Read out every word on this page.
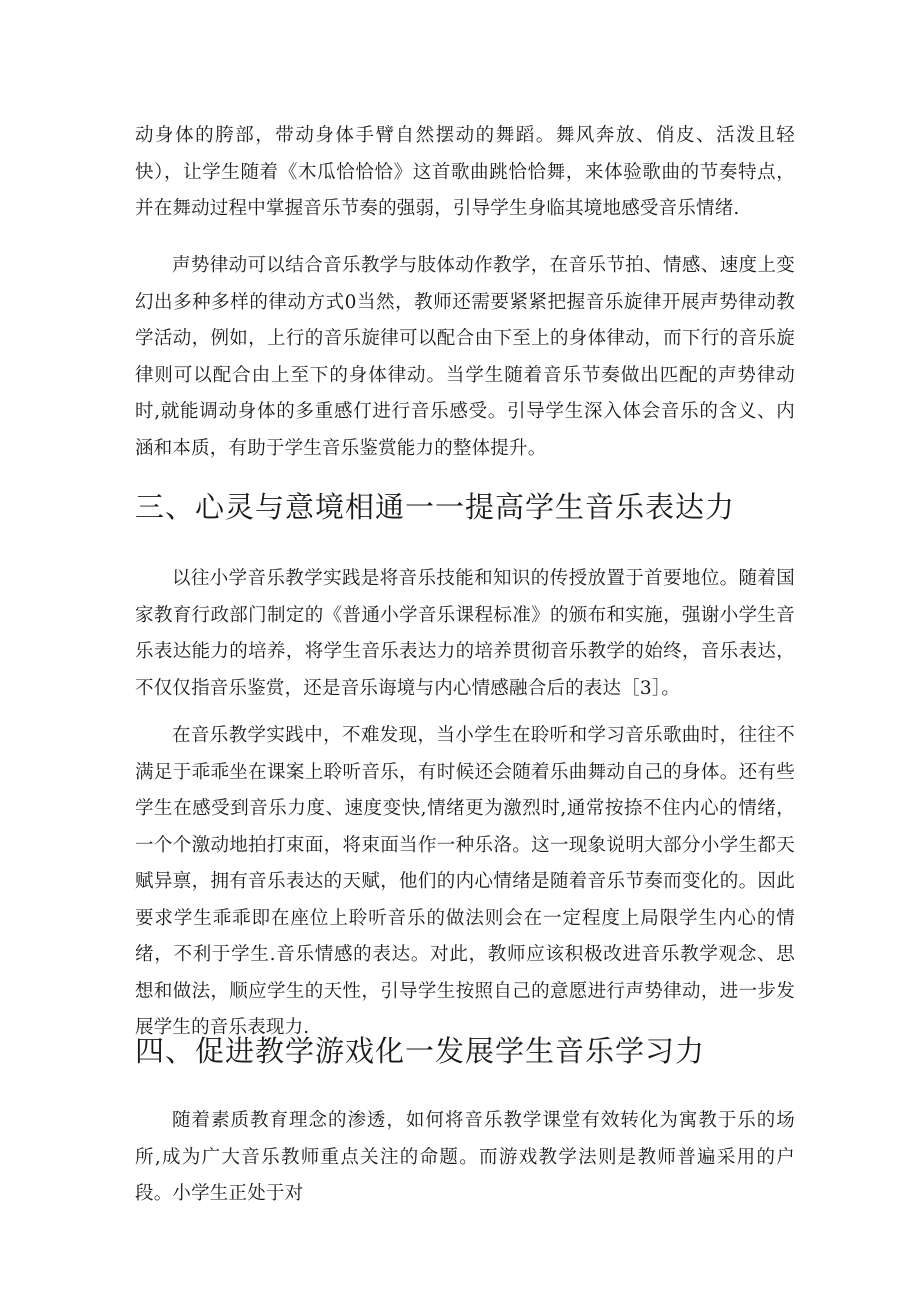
动身体的胯部，带动身体手臂自然摆动的舞蹈。舞风奔放、俏皮、活泼且轻快），让学生随着《木瓜恰恰恰》这首歌曲跳恰恰舞，来体验歌曲的节奏特点，并在舞动过程中掌握音乐节奏的强弱，引导学生身临其境地感受音乐情绪.

声势律动可以结合音乐教学与肢体动作教学，在音乐节拍、情感、速度上变幻出多种多样的律动方式0当然，教师还需要紧紧把握音乐旋律开展声势律动教学活动，例如，上行的音乐旋律可以配合由下至上的身体律动，而下行的音乐旋律则可以配合由上至下的身体律动。当学生随着音乐节奏做出匹配的声势律动时,就能调动身体的多重感仃进行音乐感受。引导学生深入体会音乐的含义、内涵和本质，有助于学生音乐鉴赏能力的整体提升。

三、心灵与意境相通一一提高学生音乐表达力

以往小学音乐教学实践是将音乐技能和知识的传授放置于首要地位。随着国家教育行政部门制定的《普通小学音乐课程标准》的颁布和实施，强谢小学生音乐表达能力的培养，将学生音乐表达力的培养贯彻音乐教学的始终，音乐表达，不仅仅指音乐鉴赏，还是音乐诲境与内心情感融合后的表达［3］。

在音乐教学实践中，不难发现，当小学生在聆听和学习音乐歌曲时，往往不满足于乖乖坐在课案上聆听音乐，有时候还会随着乐曲舞动自己的身体。还有些学生在感受到音乐力度、速度变快,情绪更为激烈时,通常按捺不住内心的情绪，一个个激动地拍打束面，将束面当作一种乐洛。这一现象说明大部分小学生都天赋异禀，拥有音乐表达的天赋，他们的内心情绪是随着音乐节奏而变化的。因此要求学生乖乖即在座位上聆听音乐的做法则会在一定程度上局限学生内心的情绪，不利于学生.音乐情感的表达。对此，教师应该积极改进音乐教学观念、思想和做法，顺应学生的天性，引导学生按照自己的意愿进行声势律动，进一步发展学生的音乐表现力.

四、促进教学游戏化一发展学生音乐学习力

随着素质教育理念的渗透，如何将音乐教学课堂有效转化为寓教于乐的场所,成为广大音乐教师重点关注的命题。而游戏教学法则是教师普遍采用的户段。小学生正处于对
